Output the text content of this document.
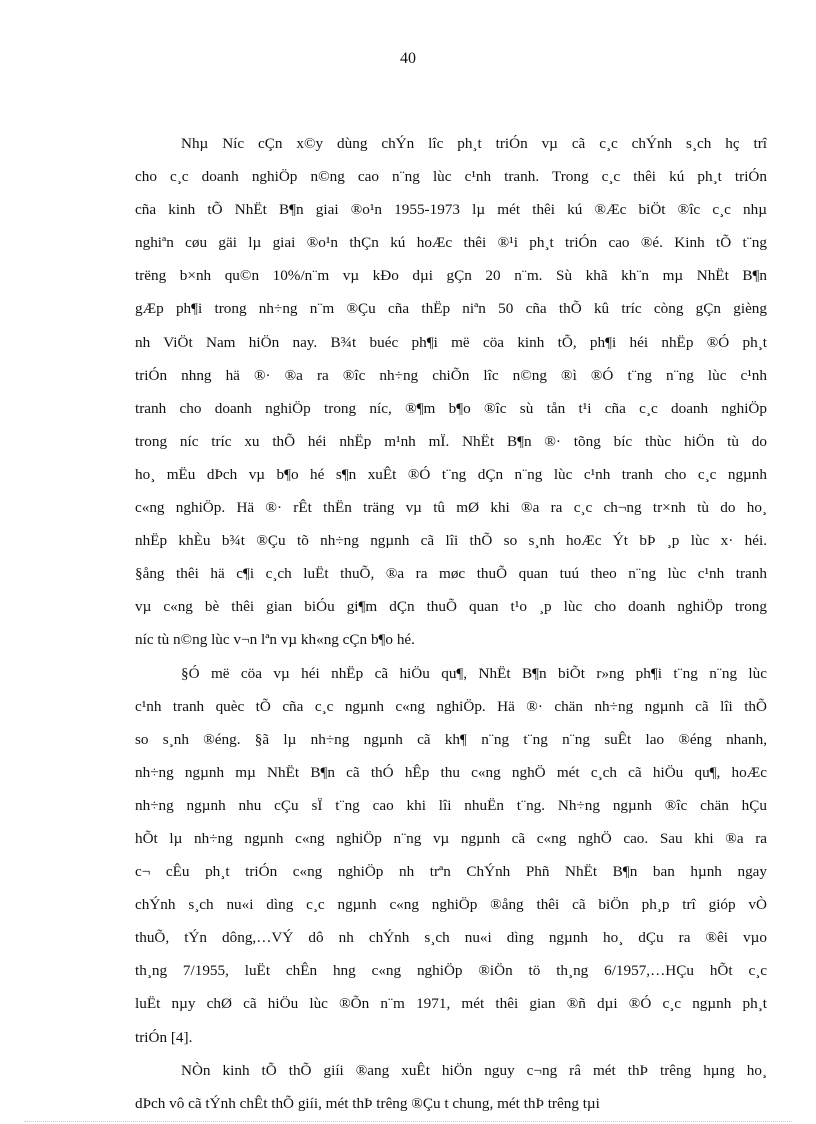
40
Nhµ Níc cÇn x©y dùng chÝn lîc ph¸t triÓn vµ cã c¸c chÝnh s¸ch hç trî
cho c¸c doanh nghiÖp n©ng cao n¨ng lùc c¹nh tranh. Trong c¸c thêi kú ph¸t triÓn
cña kinh tÕ NhËt B¶n giai ®o¹n 1955-1973 lµ mét thêi kú ®Æc biÖt ®îc c¸c nhµ
nghiªn cøu gäi lµ giai ®o¹n thÇn kú hoÆc thêi ®¹i ph¸t triÓn cao ®é. Kinh tÕ t¨ng
trëng b×nh qu©n 10%/n¨m vµ kÐo dµi gÇn 20 n¨m. Sù khã kh¨n mµ NhËt B¶n
gÆp ph¶i trong nh÷ng n¨m ®Çu cña thËp niªn 50 cña thÕ kû tríc còng gÇn gièng
nh ViÖt Nam hiÖn nay. B¾t buéc ph¶i më cöa kinh tÕ, ph¶i héi nhËp ®Ó ph¸t
triÓn nhng hä ®· ®a ra ®îc nh÷ng chiÕn lîc n©ng ®ì ®Ó t¨ng n¨ng lùc c¹nh
tranh cho doanh nghiÖp trong níc, ®¶m b¶o ®îc sù tån t¹i cña c¸c doanh nghiÖp
trong níc tríc xu thÕ héi nhËp m¹nh mÏ. NhËt B¶n ®· tõng bíc thùc hiÖn tù do
ho¸ mËu dÞch vµ b¶o hé s¶n xuÊt ®Ó t¨ng dÇn n¨ng lùc c¹nh tranh cho c¸c ngµnh
c«ng nghiÖp. Hä ®· rÊt thËn träng vµ tû mØ khi ®a ra c¸c ch¬ng tr×nh tù do ho¸
nhËp khÈu b¾t ®Çu tõ nh÷ng ngµnh cã lîi thÕ so s¸nh hoÆc Ýt bÞ ¸p lùc x· héi.
§ång thêi hä c¶i c¸ch luËt thuÕ, ®a ra møc thuÕ quan tuú theo n¨ng lùc c¹nh tranh
vµ c«ng bè thêi gian biÓu gi¶m dÇn thuÕ quan t¹o ¸p lùc cho doanh nghiÖp trong
níc tù n©ng lùc v¬n lªn vµ kh«ng cÇn b¶o hé.
§Ó më cöa vµ héi nhËp cã hiÖu qu¶, NhËt B¶n biÕt r»ng ph¶i t¨ng n¨ng lùc
c¹nh tranh quèc tÕ cña c¸c ngµnh c«ng nghiÖp. Hä ®· chän nh÷ng ngµnh cã lîi thÕ
so s¸nh ®éng. §ã lµ nh÷ng ngµnh cã kh¶ n¨ng t¨ng n¨ng suÊt lao ®éng nhanh,
nh÷ng ngµnh mµ NhËt B¶n cã thÓ hÊp thu c«ng nghÖ mét c¸ch cã hiÖu qu¶, hoÆc
nh÷ng ngµnh nhu cÇu sÏ t¨ng cao khi lîi nhuËn t¨ng. Nh÷ng ngµnh ®îc chän hÇu
hÕt lµ nh÷ng ngµnh c«ng nghiÖp n¨ng vµ ngµnh cã c«ng nghÖ cao. Sau khi ®a ra
c¬ cÊu ph¸t triÓn c«ng nghiÖp nh trªn ChÝnh Phñ NhËt B¶n ban hµnh ngay
chÝnh s¸ch nu«i dìng c¸c ngµnh c«ng nghiÖp ®ång thêi cã biÖn ph¸p trî gióp vÒ
thuÕ, tÝn dông,…VÝ dô nh chÝnh s¸ch nu«i dìng ngµnh ho¸ dÇu ra ®êi vµo
th¸ng 7/1955, luËt chÊn hng c«ng nghiÖp ®iÖn tö th¸ng 6/1957,…HÇu hÕt c¸c
luËt nµy chØ cã hiÖu lùc ®Õn n¨m 1971, mét thêi gian ®ñ dµi ®Ó c¸c ngµnh ph¸t
triÓn [4].
NÒn kinh tÕ thÕ giíi ®ang xuÊt hiÖn nguy c¬ng râ mét thÞ trêng hµng ho¸
dÞch vô cã tÝnh chÊt thÕ giíi, mét thÞ trêng ®Çu t chung, mét thÞ trêng tµi
